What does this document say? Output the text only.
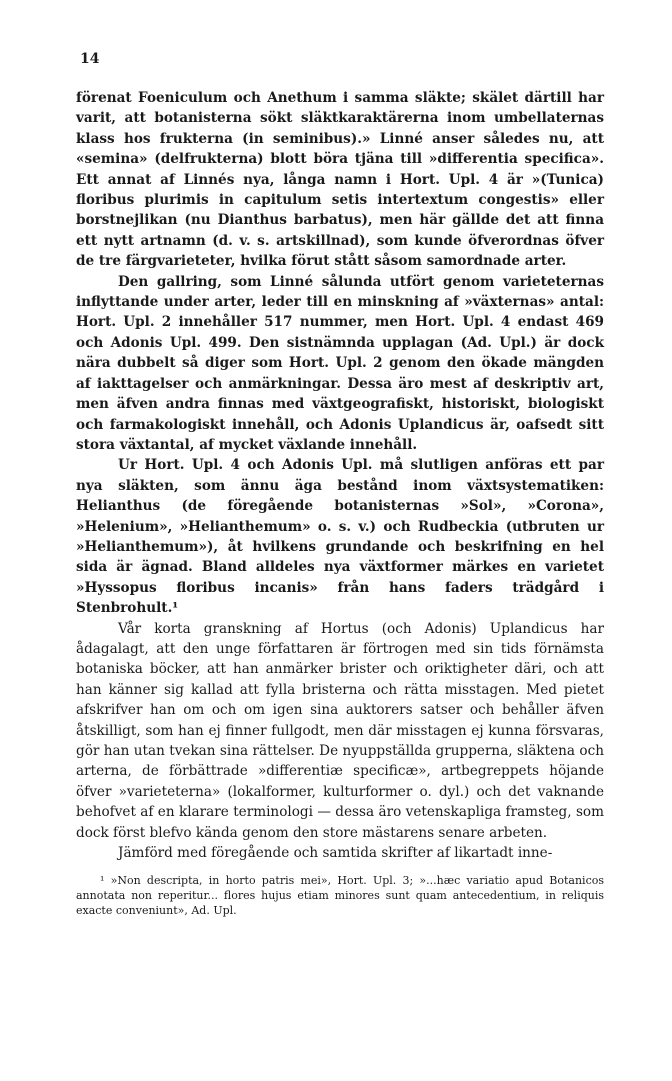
14

förenat Foeniculum och Anethum i samma släkte; skälet därtill har varit, att botanisterna sökt släktkaraktärerna inom umbellaternas klass hos frukterna (in seminibus).» Linné anser således nu, att «semina» (delfrukterna) blott böra tjäna till »differentia specifica». Ett annat af Linnés nya, långa namn i Hort. Upl. 4 är »(Tunica) floribus plurimis in capitulum setis intertextum congestis» eller borstnejlikan (nu Dianthus barbatus), men här gällde det att finna ett nytt artnamn (d. v. s. artskillnad), som kunde öfverordnas öfver de tre färgvarieteter, hvilka förut stått såsom samordnade arter.

Den gallring, som Linné sålunda utfört genom varieteternas inflyttande under arter, leder till en minskning af »växternas» antal: Hort. Upl. 2 innehåller 517 nummer, men Hort. Upl. 4 endast 469 och Adonis Upl. 499. Den sistnämnda upplagan (Ad. Upl.) är dock nära dubbelt så diger som Hort. Upl. 2 genom den ökade mängden af iakttagelser och anmärkningar. Dessa äro mest af deskriptiv art, men äfven andra finnas med växtgeografiskt, historiskt, biologiskt och farmakologiskt innehåll, och Adonis Uplandicus är, oafsedt sitt stora växtantal, af mycket växlande innehåll.

Ur Hort. Upl. 4 och Adonis Upl. må slutligen anföras ett par nya släkten, som ännu äga bestånd inom växtsystematiken: Helianthus (de föregående botanisternas »Sol», »Corona», »Helenium», »Helianthemum» o. s. v.) och Rudbeckia (utbruten ur »Helianthemum»), åt hvilkens grundande och beskrifning en hel sida är ägnad. Bland alldeles nya växtformer märkes en varietet »Hyssopus floribus incanis» från hans faders trädgård i Stenbrohult.¹

Vår korta granskning af Hortus (och Adonis) Uplandicus har ådagalagt, att den unge författaren är förtrogen med sin tids förnämsta botaniska böcker, att han anmärker brister och oriktigheter däri, och att han känner sig kallad att fylla bristerna och rätta misstagen. Med pietet afskrifver han om och om igen sina auktorers satser och behåller äfven åtskilligt, som han ej finner fullgodt, men där misstagen ej kunna försvaras, gör han utan tvekan sina rättelser. De nyuppställda grupperna, släktena och arterna, de förbättrade »differentiæ specificæ», artbegreppets höjande öfver »varieteterna» (lokalformer, kulturformer o. dyl.) och det vaknande behofvet af en klarare terminologi — dessa äro vetenskapliga framsteg, som dock först blefvo kända genom den store mästarens senare arbeten.

Jämförd med föregående och samtida skrifter af likartadt inne-

¹ »Non descripta, in horto patris mei», Hort. Upl. 3; »...hæc variatio apud Botanicos annotata non reperitur... flores hujus etiam minores sunt quam antecedentium, in reliquis exacte conveniunt», Ad. Upl.
